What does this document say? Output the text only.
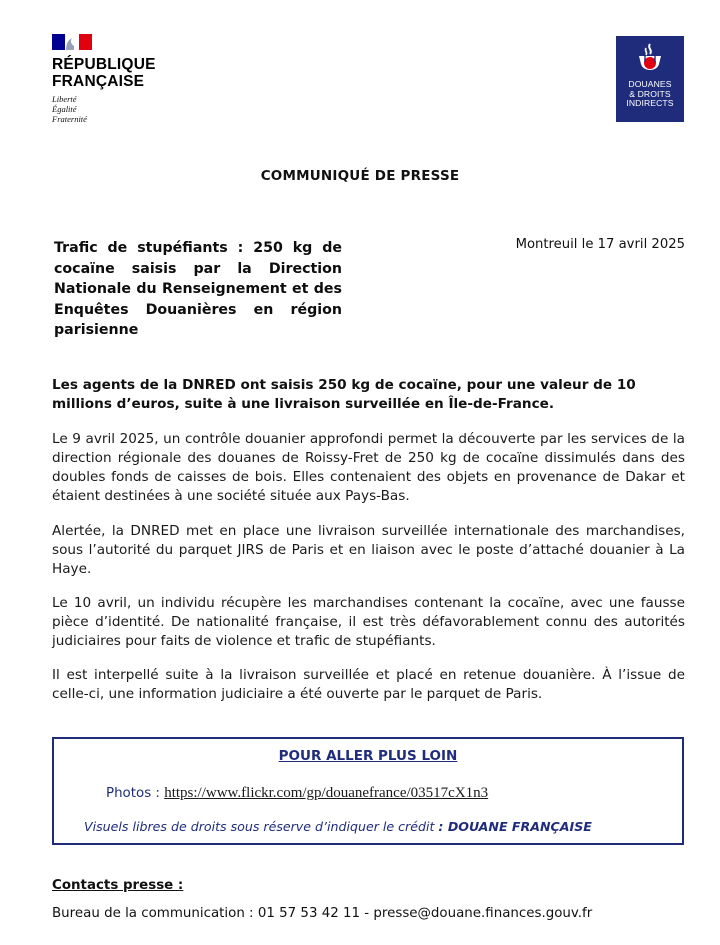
RÉPUBLIQUE
FRANÇAISE
Liberté
Égalité
Fraternité
DOUANES
& DROITS
INDIRECTS
COMMUNIQUÉ DE PRESSE
Trafic de stupéfiants : 250 kg de cocaïne saisis par la Direction Nationale du Renseignement et des Enquêtes Douanières en région parisienne
Montreuil le 17 avril 2025
Les agents de la DNRED ont saisis 250 kg de cocaïne, pour une valeur de 10 millions d’euros, suite à une livraison surveillée en Île-de-France.
Le 9 avril 2025, un contrôle douanier approfondi permet la découverte par les services de la direction régionale des douanes de Roissy-Fret de 250 kg de cocaïne dissimulés dans des doubles fonds de caisses de bois. Elles contenaient des objets en provenance de Dakar et étaient destinées à une société située aux Pays-Bas.
Alertée, la DNRED met en place une livraison surveillée internationale des marchandises, sous l’autorité du parquet JIRS de Paris et en liaison avec le poste d’attaché douanier à La Haye.
Le 10 avril, un individu récupère les marchandises contenant la cocaïne, avec une fausse pièce d’identité. De nationalité française, il est très défavorablement connu des autorités judiciaires pour faits de violence et trafic de stupéfiants.
Il est interpellé suite à la livraison surveillée et placé en retenue douanière. À l’issue de celle-ci, une information judiciaire a été ouverte par le parquet de Paris.
POUR ALLER PLUS LOIN
Photos : https://www.flickr.com/gp/douanefrance/03517cX1n3
Visuels libres de droits sous réserve d’indiquer le crédit : DOUANE FRANÇAISE
Contacts presse :
Bureau de la communication : 01 57 53 42 11 - presse@douane.finances.gouv.fr
